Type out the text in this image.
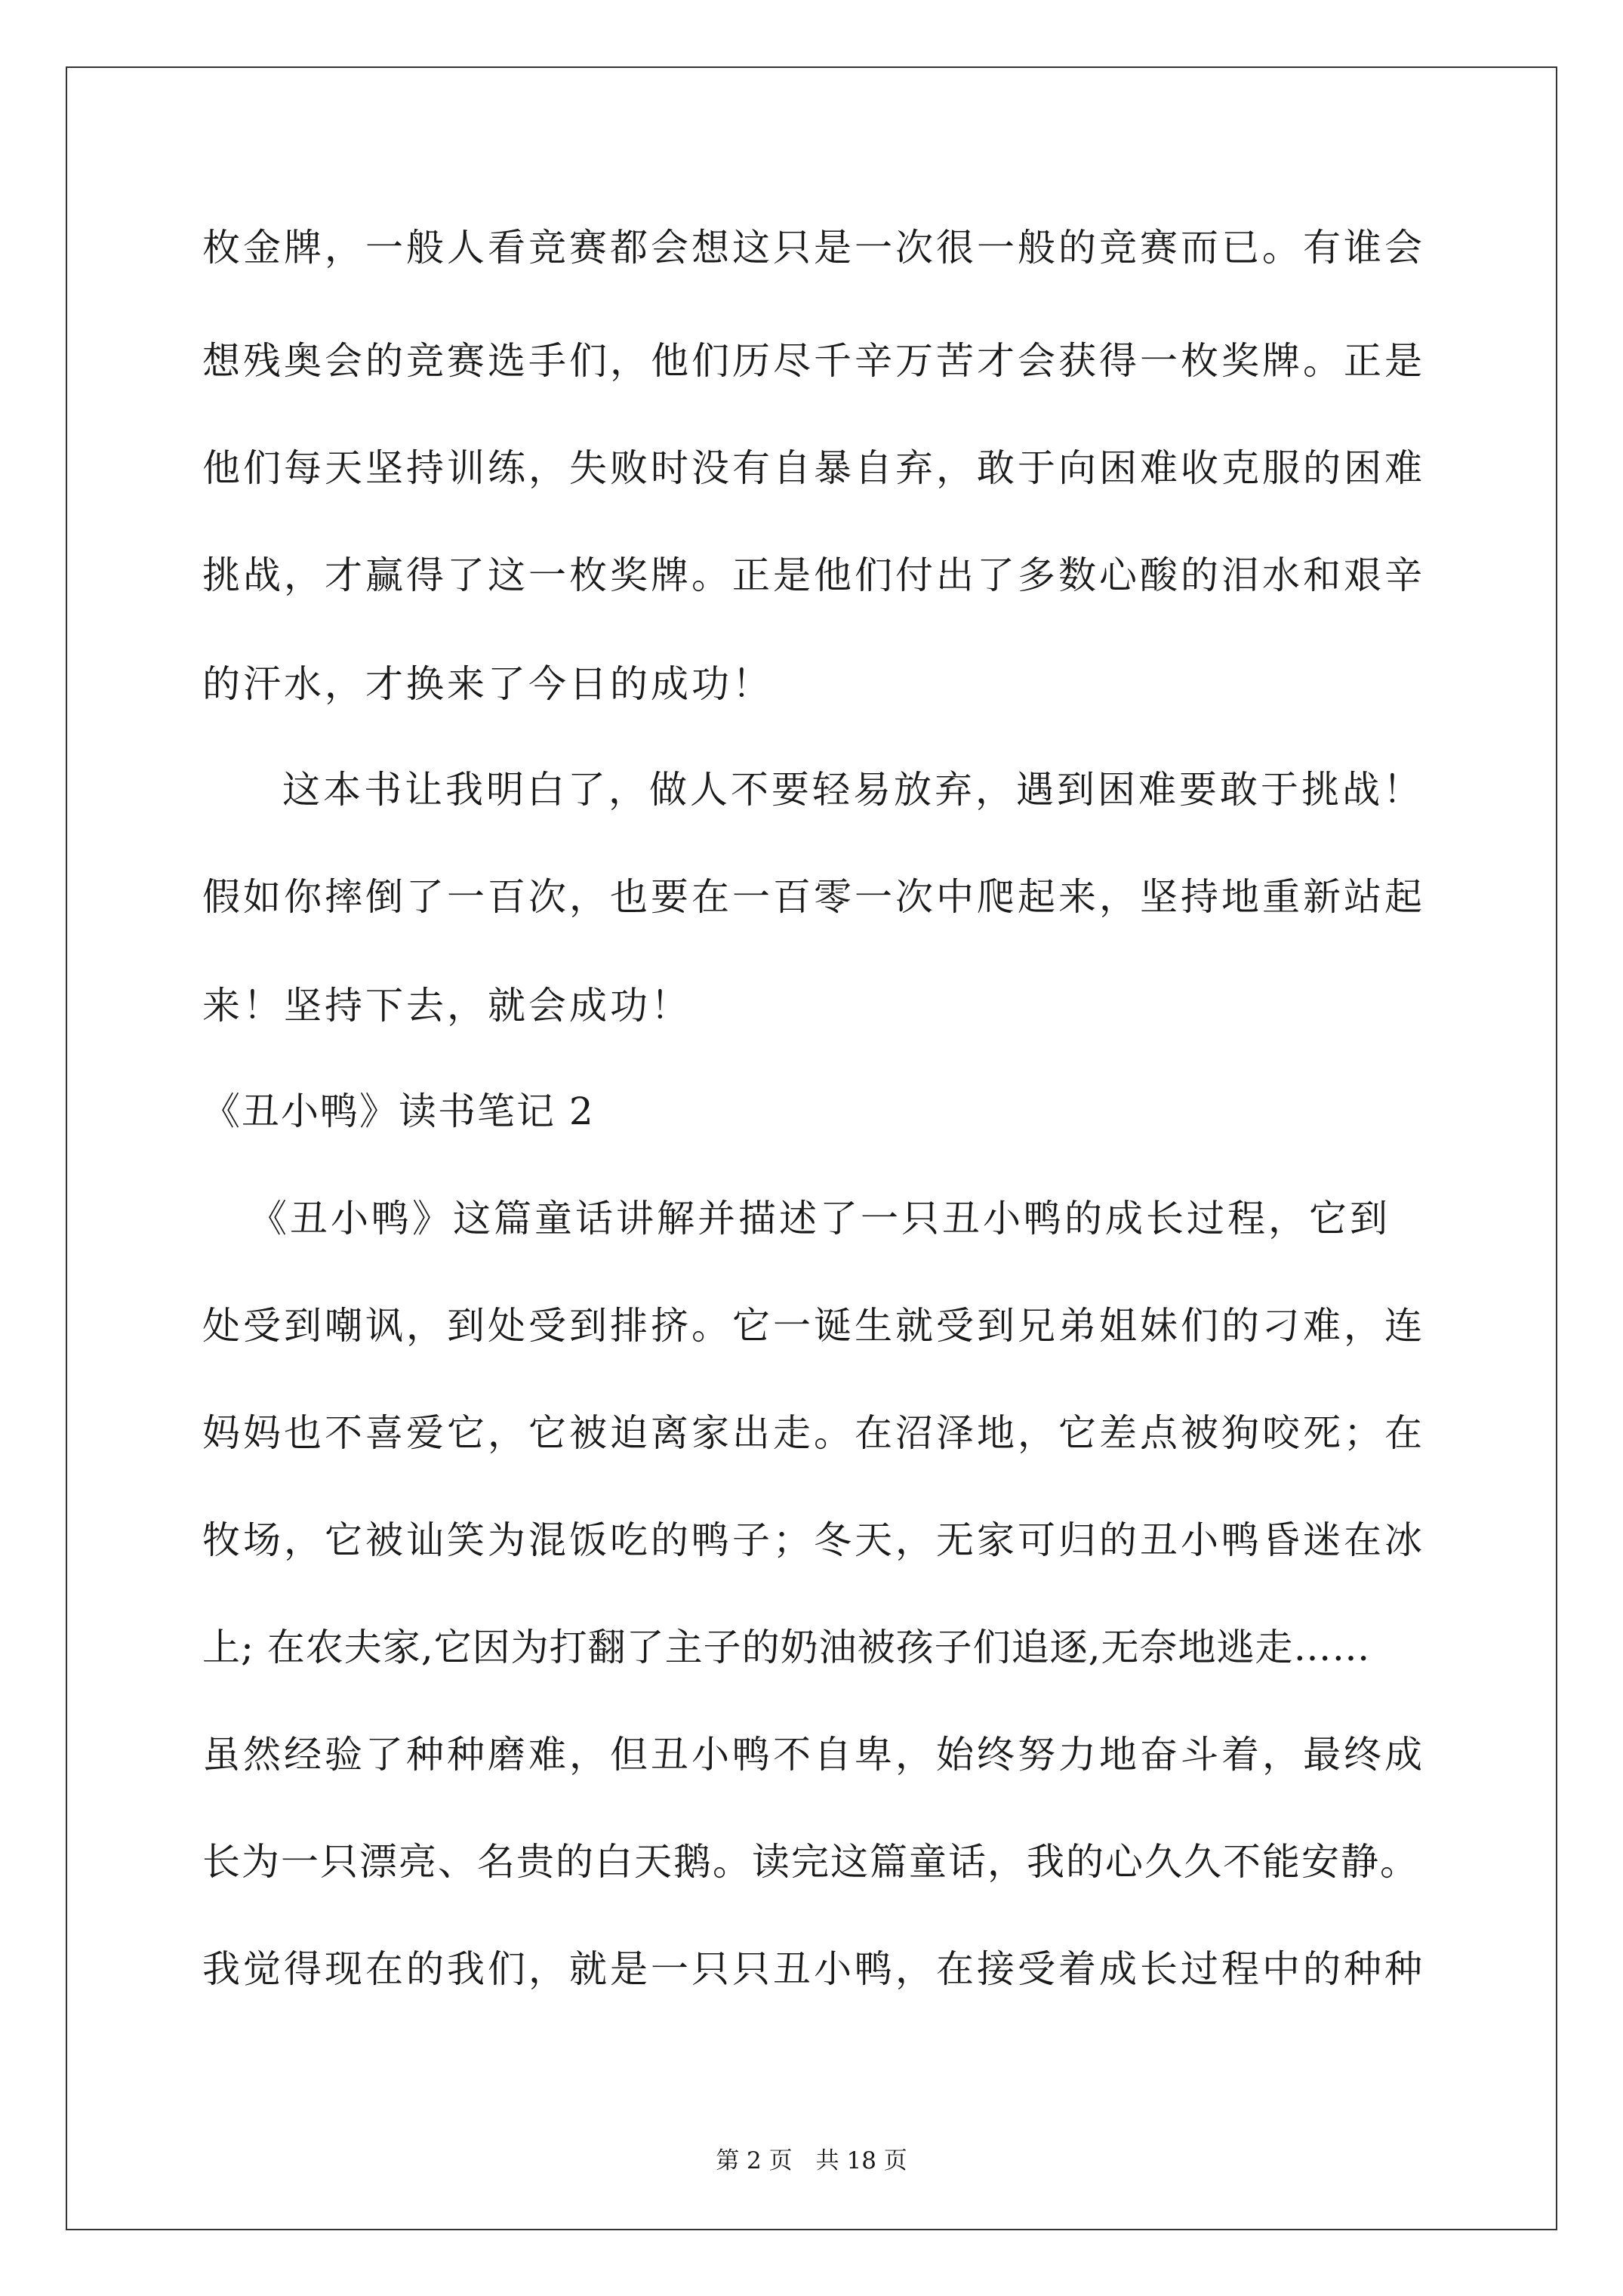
枚金牌，一般人看竞赛都会想这只是一次很一般的竞赛而已。有谁会
想残奥会的竞赛选手们，他们历尽千辛万苦才会获得一枚奖牌。正是
他们每天坚持训练，失败时没有自暴自弃，敢于向困难收克服的困难
挑战，才赢得了这一枚奖牌。正是他们付出了多数心酸的泪水和艰辛
的汗水，才换来了今日的成功！
这本书让我明白了，做人不要轻易放弃，遇到困难要敢于挑战！
假如你摔倒了一百次，也要在一百零一次中爬起来，坚持地重新站起
来！坚持下去，就会成功！
《丑小鸭》读书笔记 2
《丑小鸭》这篇童话讲解并描述了一只丑小鸭的成长过程，它到
处受到嘲讽，到处受到排挤。它一诞生就受到兄弟姐妹们的刁难，连
妈妈也不喜爱它，它被迫离家出走。在沼泽地，它差点被狗咬死；在
牧场，它被讪笑为混饭吃的鸭子；冬天，无家可归的丑小鸭昏迷在冰
上; 在农夫家,它因为打翻了主子的奶油被孩子们追逐,无奈地逃走……
虽然经验了种种磨难，但丑小鸭不自卑，始终努力地奋斗着，最终成
长为一只漂亮、名贵的白天鹅。读完这篇童话，我的心久久不能安静。
我觉得现在的我们，就是一只只丑小鸭，在接受着成长过程中的种种
第 2 页　共 18 页
